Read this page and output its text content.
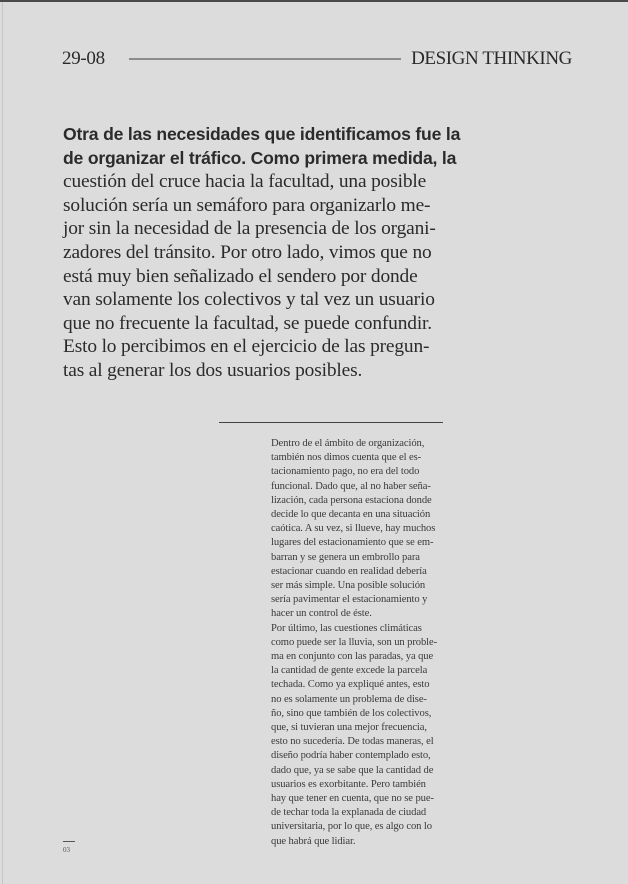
29-08	DESIGN THINKING
Otra de las necesidades que identificamos fue la
de organizar el tráfico. Como primera medida, la
cuestión del cruce hacia la facultad, una posible
solución sería un semáforo para organizarlo me-
jor sin la necesidad de la presencia de los organi-
zadores del tránsito. Por otro lado, vimos que no
está muy bien señalizado el sendero por donde
van solamente los colectivos y tal vez un usuario
que no frecuente la facultad, se puede confundir.
Esto lo percibimos en el ejercicio de las pregun-
tas al generar los dos usuarios posibles.
Dentro de el ámbito de organización,
también nos dimos cuenta que el es-
tacionamiento pago, no era del todo
funcional. Dado que, al no haber seña-
lización, cada persona estaciona donde
decide lo que decanta en una situación
caótica. A su vez, si llueve, hay muchos
lugares del estacionamiento que se em-
barran y se genera un embrollo para
estacionar cuando en realidad debería
ser más simple. Una posible solución
sería pavimentar el estacionamiento y
hacer un control de éste.
Por último, las cuestiones climáticas
como puede ser la lluvia, son un proble-
ma en conjunto con las paradas, ya que
la cantidad de gente excede la parcela
techada. Como ya expliqué antes, esto
no es solamente un problema de dise-
ño, sino que también de los colectivos,
que, si tuvieran una mejor frecuencia,
esto no sucedería. De todas maneras, el
diseño podría haber contemplado esto,
dado que, ya se sabe que la cantidad de
usuarios es exorbitante. Pero también
hay que tener en cuenta, que no se pue-
de techar toda la explanada de ciudad
universitaria, por lo que, es algo con lo
que habrá que lidiar.
03
